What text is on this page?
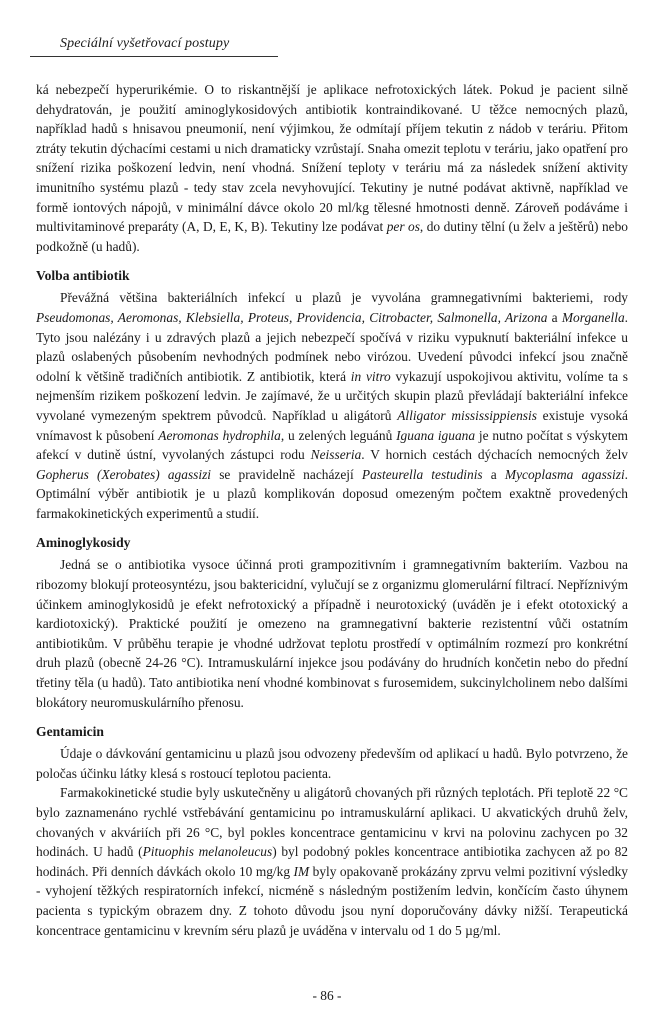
Speciální vyšetřovací postupy

ká nebezpečí hyperurikémie. O to riskantnější je aplikace nefrotoxických látek. Pokud je pacient silně dehydratován, je použití aminoglykosidových antibiotik kontraindikované. U těžce nemocných plazů, například hadů s hnisavou pneumonií, není výjimkou, že odmítají příjem tekutin z nádob v teráriu. Přitom ztráty tekutin dýchacími cestami u nich dramaticky vzrůstají. Snaha omezit teplotu v teráriu, jako opatření pro snížení rizika poškození ledvin, není vhodná. Snížení teploty v teráriu má za následek snížení aktivity imunitního systému plazů - tedy stav zcela nevyhovující. Tekutiny je nutné podávat aktivně, například ve formě iontových nápojů, v minimální dávce okolo 20 ml/kg tělesné hmotnosti denně. Zároveň podáváme i multivitaminové preparáty (A, D, E, K, B). Tekutiny lze podávat per os, do dutiny tělní (u želv a ještěrů) nebo podkožně (u hadů).

Volba antibiotik

Převážná většina bakteriálních infekcí u plazů je vyvolána gramnegativními bakteriemi, rody Pseudomonas, Aeromonas, Klebsiella, Proteus, Providencia, Citrobacter, Salmonella, Arizona a Morganella. Tyto jsou nalézány i u zdravých plazů a jejich nebezpečí spočívá v riziku vypuknutí bakteriální infekce u plazů oslabených působením nevhodných podmínek nebo virózou. Uvedení původci infekcí jsou značně odolní k většině tradičních antibiotik. Z antibiotik, která in vitro vykazují uspokojivou aktivitu, volíme ta s nejmenším rizikem poškození ledvin. Je zajímavé, že u určitých skupin plazů převládají bakteriální infekce vyvolané vymezeným spektrem původců. Například u aligátorů Alligator mississippiensis existuje vysoká vnímavost k působení Aeromonas hydrophila, u zelených leguánů Iguana iguana je nutno počítat s výskytem afekcí v dutině ústní, vyvolaných zástupci rodu Neisseria. V hornich cestách dýchacích nemocných želv Gopherus (Xerobates) agassizi se pravidelně nacházejí Pasteurella testudinis a Mycoplasma agassizi. Optimální výběr antibiotik je u plazů komplikován doposud omezeným počtem exaktně provedených farmakokinetických experimentů a studií.

Aminoglykosidy

Jedná se o antibiotika vysoce účinná proti grampozitivním i gramnegativním bakteriím. Vazbou na ribozomy blokují proteosyntézu, jsou baktericidní, vylučují se z organizmu glomerulární filtrací. Nepříznivým účinkem aminoglykosidů je efekt nefrotoxický a případně i neurotoxický (uváděn je i efekt ototoxický a kardiotoxický). Praktické použití je omezeno na gramnegativní bakterie rezistentní vůči ostatním antibiotikům. V průběhu terapie je vhodné udržovat teplotu prostředí v optimálním rozmezí pro konkrétní druh plazů (obecně 24-26 °C). Intramuskulární injekce jsou podávány do hrudních končetin nebo do přední třetiny těla (u hadů). Tato antibiotika není vhodné kombinovat s furosemidem, sukcinylcholinem nebo dalšími blokátory neuromuskulárního přenosu.

Gentamicin

Údaje o dávkování gentamicinu u plazů jsou odvozeny především od aplikací u hadů. Bylo potvrzeno, že poločas účinku látky klesá s rostoucí teplotou pacienta.

Farmakokinetické studie byly uskutečněny u aligátorů chovaných při různých teplotách. Při teplotě 22 °C bylo zaznamenáno rychlé vstřebávání gentamicinu po intramuskulární aplikaci. U akvatických druhů želv, chovaných v akváriích při 26 °C, byl pokles koncentrace gentamicinu v krvi na polovinu zachycen po 32 hodinách. U hadů (Pituophis melanoleucus) byl podobný pokles koncentrace antibiotika zachycen až po 82 hodinách. Při denních dávkách okolo 10 mg/kg IM byly opakovaně prokázány zprvu velmi pozitivní výsledky - vyhojení těžkých respiratorních infekcí, nicméně s následným postižením ledvin, končícím často úhynem pacienta s typickým obrazem dny. Z tohoto důvodu jsou nyní doporučovány dávky nižší. Terapeutická koncentrace gentamicinu v krevním séru plazů je uváděna v intervalu od 1 do 5 µg/ml.

- 86 -
